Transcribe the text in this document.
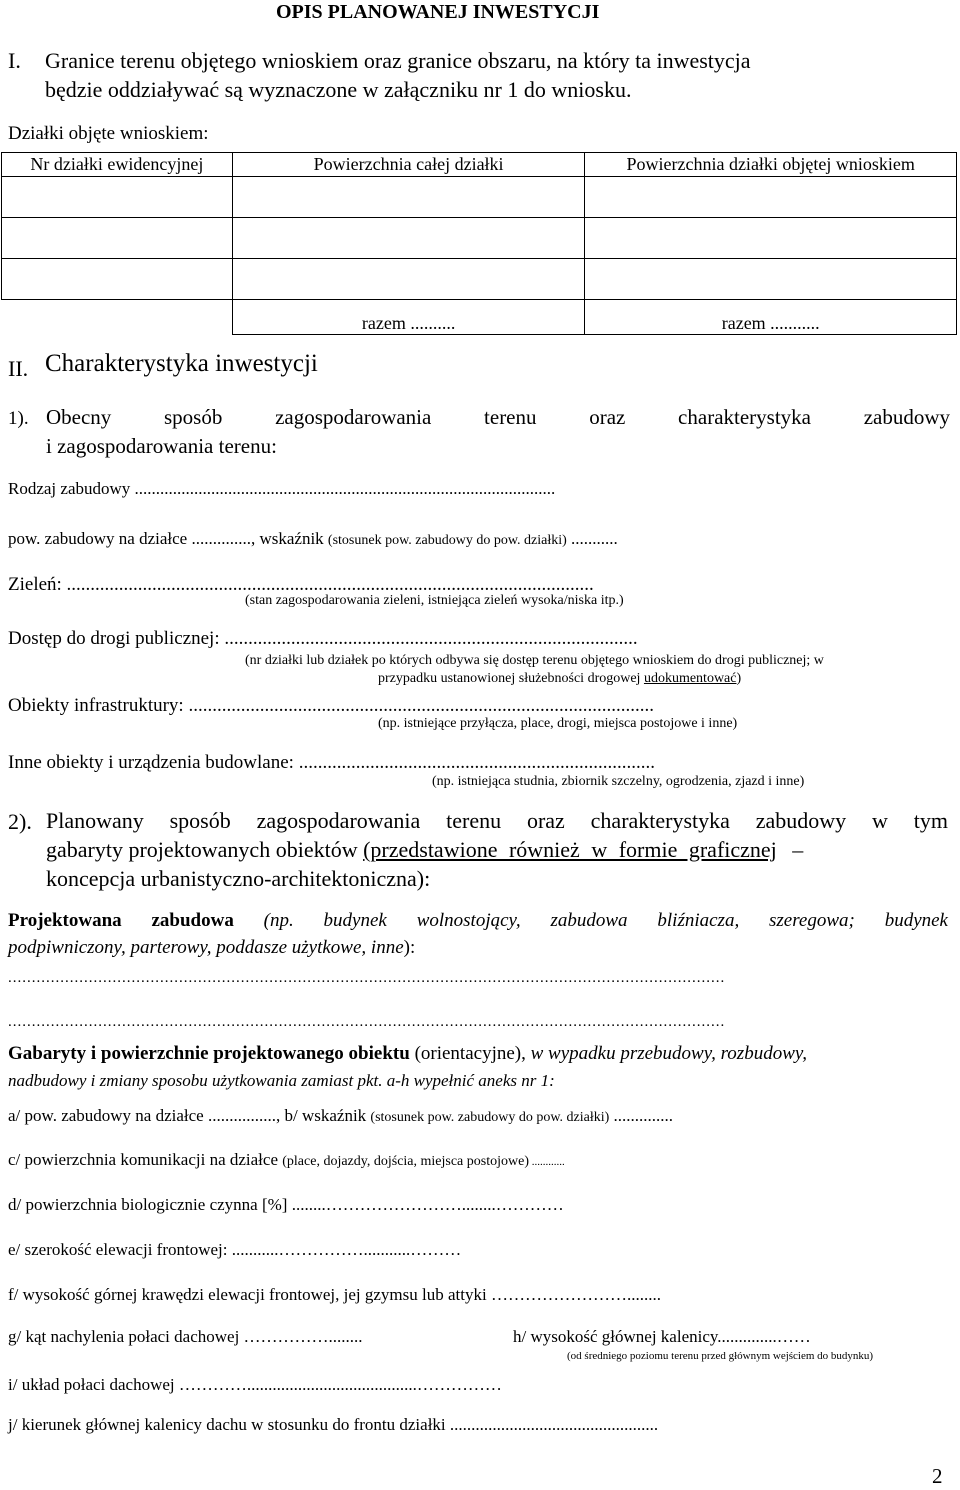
OPIS PLANOWANEJ INWESTYCJI
I. Granice terenu objętego wnioskiem oraz granice obszaru, na który ta inwestycja
będzie oddziaływać są wyznaczone w załączniku nr 1 do wniosku.
Działki objęte wnioskiem:
Nr działki ewidencyjnej	Powierzchnia całej działki	Powierzchnia działki objętej wnioskiem

	razem ..........	razem ...........
II. Charakterystyka inwestycji
1). Obecny sposób zagospodarowania terenu oraz charakterystyka zabudowy
i zagospodarowania terenu:
Rodzaj zabudowy ...................................................................................................
pow. zabudowy na działce .............., wskaźnik (stosunek pow. zabudowy do pow. działki) ...........
Zieleń: ...............................................................................................................
(stan zagospodarowania zieleni, istniejąca zieleń wysoka/niska itp.)
Dostęp do drogi publicznej: .......................................................................................
(nr działki lub działek po których odbywa się dostęp terenu objętego wnioskiem do drogi publicznej; w
przypadku ustanowionej służebności drogowej udokumentować)
Obiekty infrastruktury: ..................................................................................................
(np. istniejące przyłącza, place, drogi, miejsca postojowe i inne)
Inne obiekty i urządzenia budowlane: ...........................................................................
(np. istniejąca studnia, zbiornik szczelny, ogrodzenia, zjazd i inne)
2). Planowany sposób zagospodarowania terenu oraz charakterystyka zabudowy w tym
gabaryty projektowanych obiektów (przedstawione również w formie graficznej –
koncepcja urbanistyczno-architektoniczna):
Projektowana zabudowa (np. budynek wolnostojący, zabudowa bliźniacza, szeregowa; budynek
podpiwniczony, parterowy, poddasze użytkowe, inne):
.......................................................................................................................................................
.......................................................................................................................................................
Gabaryty i powierzchnie projektowanego obiektu (orientacyjne), w wypadku przebudowy, rozbudowy,
nadbudowy i zmiany sposobu użytkowania zamiast pkt. a-h wypełnić aneks nr 1:
a/ pow. zabudowy na działce ................, b/ wskaźnik (stosunek pow. zabudowy do pow. działki) ..............
c/ powierzchnia komunikacji na działce (place, dojazdy, dojścia, miejsca postojowe) ............
d/ powierzchnia biologicznie czynna [%] ........……………………........…………
e/ szerokość elewacji frontowej: ...........……………...........………
f/ wysokość górnej krawędzi elewacji frontowej, jej gzymsu lub attyki ……………………........
g/ kąt nachylenia połaci dachowej ……………........	h/ wysokość głównej kalenicy..............……
(od średniego poziomu terenu przed głównym wejściem do budynku)
i/ układ połaci dachowej …………........................................……………
j/ kierunek głównej kalenicy dachu w stosunku do frontu działki .................................................
2
